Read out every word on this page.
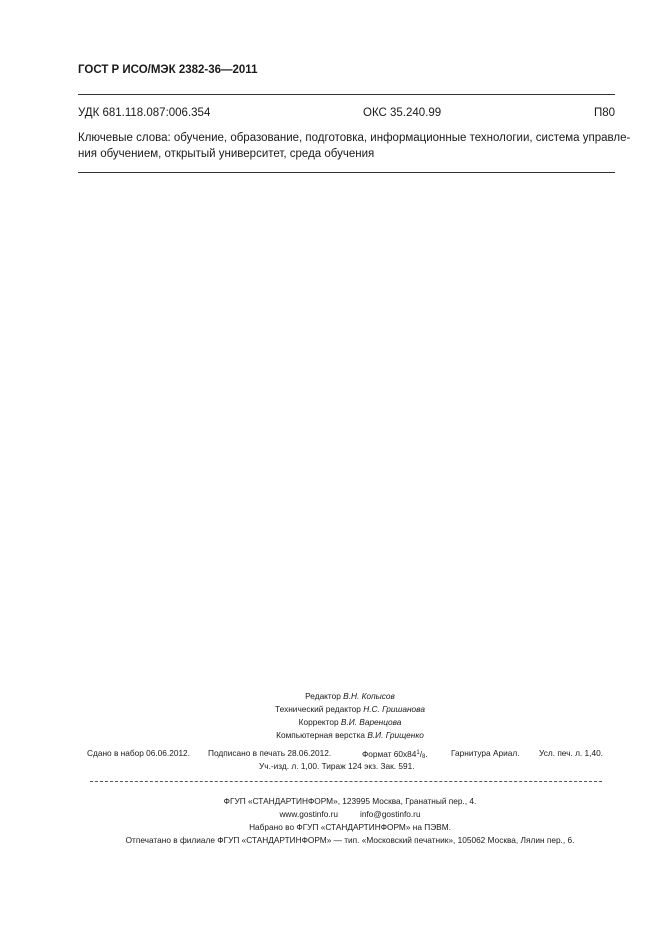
ГОСТ Р ИСО/МЭК 2382-36—2011
УДК 681.118.087:006.354	ОКС 35.240.99	П80
Ключевые слова: обучение, образование, подготовка, информационные технологии, система управле-
ния обучением, открытый университет, среда обучения
Редактор В.Н. Копысов
Технический редактор Н.С. Гришанова
Корректор В.И. Варенцова
Компьютерная верстка В.И. Грищенко
Сдано в набор 06.06.2012. Подписано в печать 28.06.2012.	Формат $60x84^1/_8$.	Гарнитура Ариал. Усл. печ. л. 1,40.
Уч.-изд. л. 1,00. Тираж 124 экз. Зак. 591.
ФГУП «СТАНДАРТИНФОРМ», 123995 Москва, Гранатный пер., 4.
www.gostinfo.ru	info@gostinfo.ru
Набрано во ФГУП «СТАНДАРТИНФОРМ» на ПЭВМ.
Отпечатано в филиале ФГУП «СТАНДАРТИНФОРМ» — тип. «Московский печатник», 105062 Москва, Лялин пер., 6.
